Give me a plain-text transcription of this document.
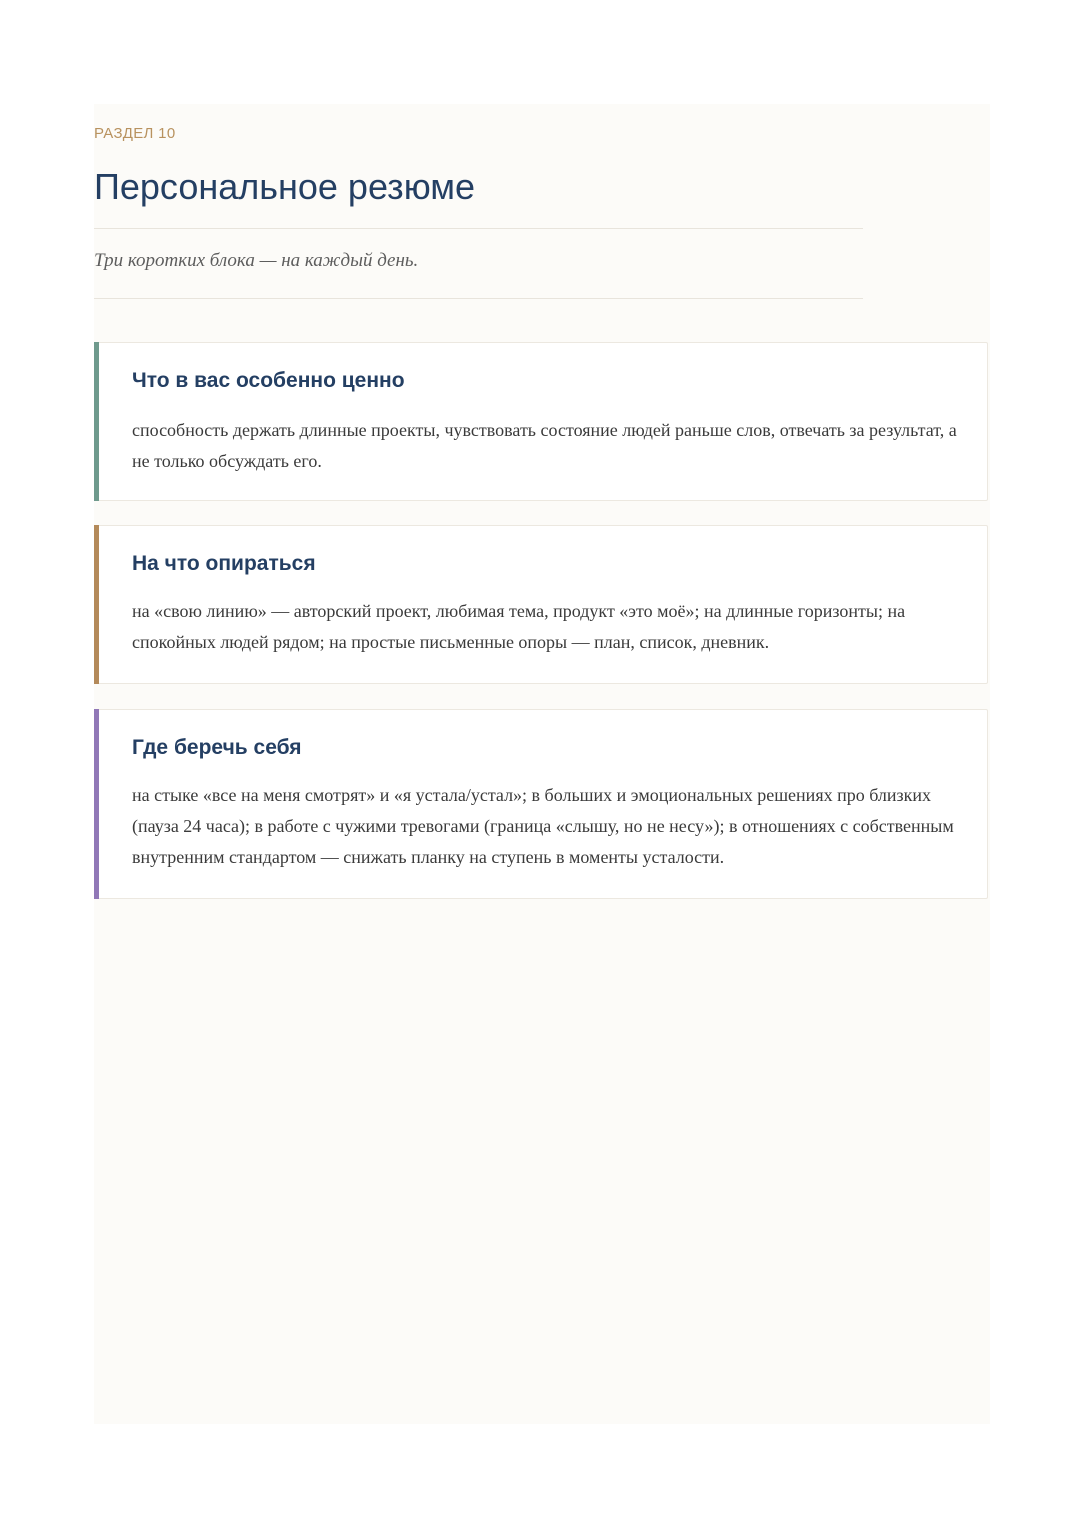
РАЗДЕЛ 10
Персональное резюме
Три коротких блока — на каждый день.
Что в вас особенно ценно

способность держать длинные проекты, чувствовать состояние людей раньше слов, отвечать за результат, а не только обсуждать его.

На что опираться

на «свою линию» — авторский проект, любимая тема, продукт «это моё»; на длинные горизонты; на спокойных людей рядом; на простые письменные опоры — план, список, дневник.

Где беречь себя

на стыке «все на меня смотрят» и «я устала/устал»; в больших и эмоциональных решениях про близких (пауза 24 часа); в работе с чужими тревогами (граница «слышу, но не несу»); в отношениях с собственным внутренним стандартом — снижать планку на ступень в моменты усталости.
